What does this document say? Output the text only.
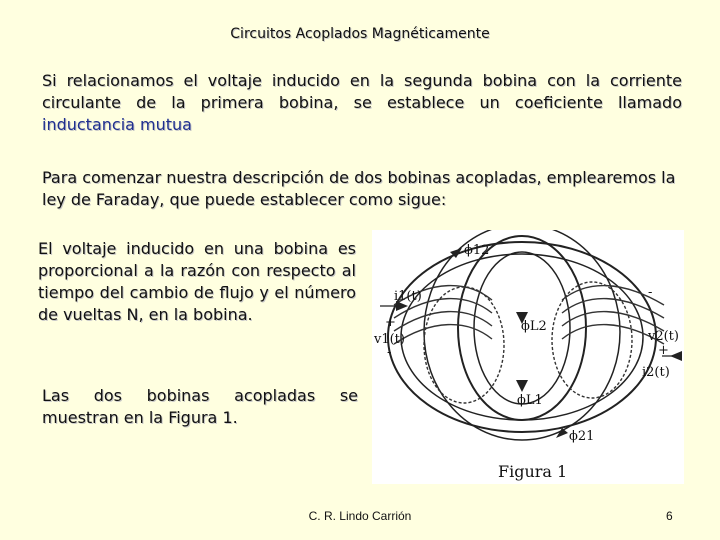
Circuitos Acoplados Magnéticamente
Si relacionamos el voltaje inducido en la segunda bobina con la corriente circulante de la primera bobina, se establece un coeficiente llamado inductancia mutua
Para comenzar nuestra descripción de dos bobinas acopladas, emplearemos la ley de Faraday, que puede establecer como sigue:
El voltaje inducido en una bobina es proporcional a la razón con respecto al tiempo del cambio de flujo y el número de vueltas N, en la bobina.
Las dos bobinas acopladas se muestran en la Figura 1.
ϕ12
i1(t)
+
v1(t)
-
ϕL2
-
v2(t)
+
i2(t)
ϕL1
ϕ21
Figura 1
C. R. Lindo Carrión	6
